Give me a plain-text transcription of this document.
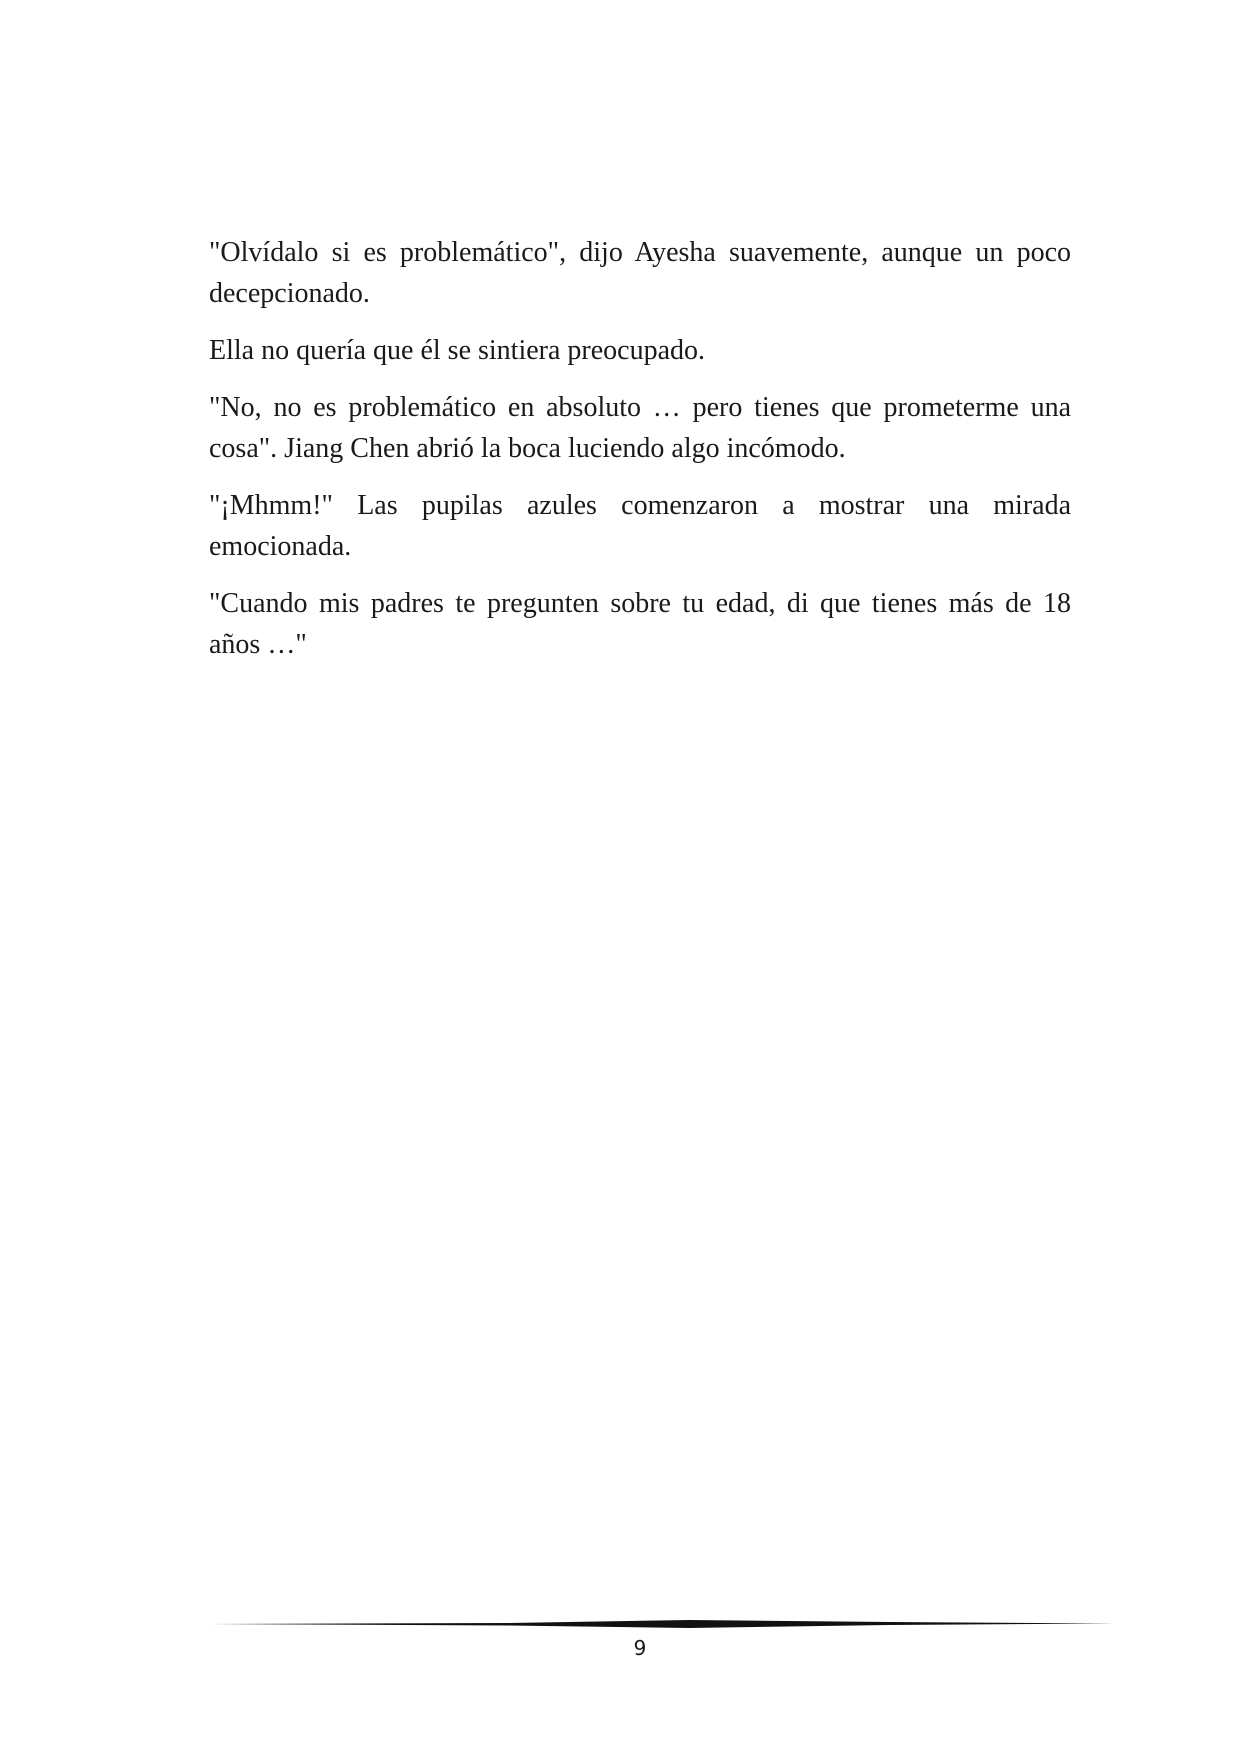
"Olvídalo si es problemático", dijo Ayesha suavemente, aunque un poco decepcionado.

Ella no quería que él se sintiera preocupado.

"No, no es problemático en absoluto … pero tienes que prometerme una cosa". Jiang Chen abrió la boca luciendo algo incómodo.

"¡Mhmm!" Las pupilas azules comenzaron a mostrar una mirada emocionada.

"Cuando mis padres te pregunten sobre tu edad, di que tienes más de 18 años …"

9
